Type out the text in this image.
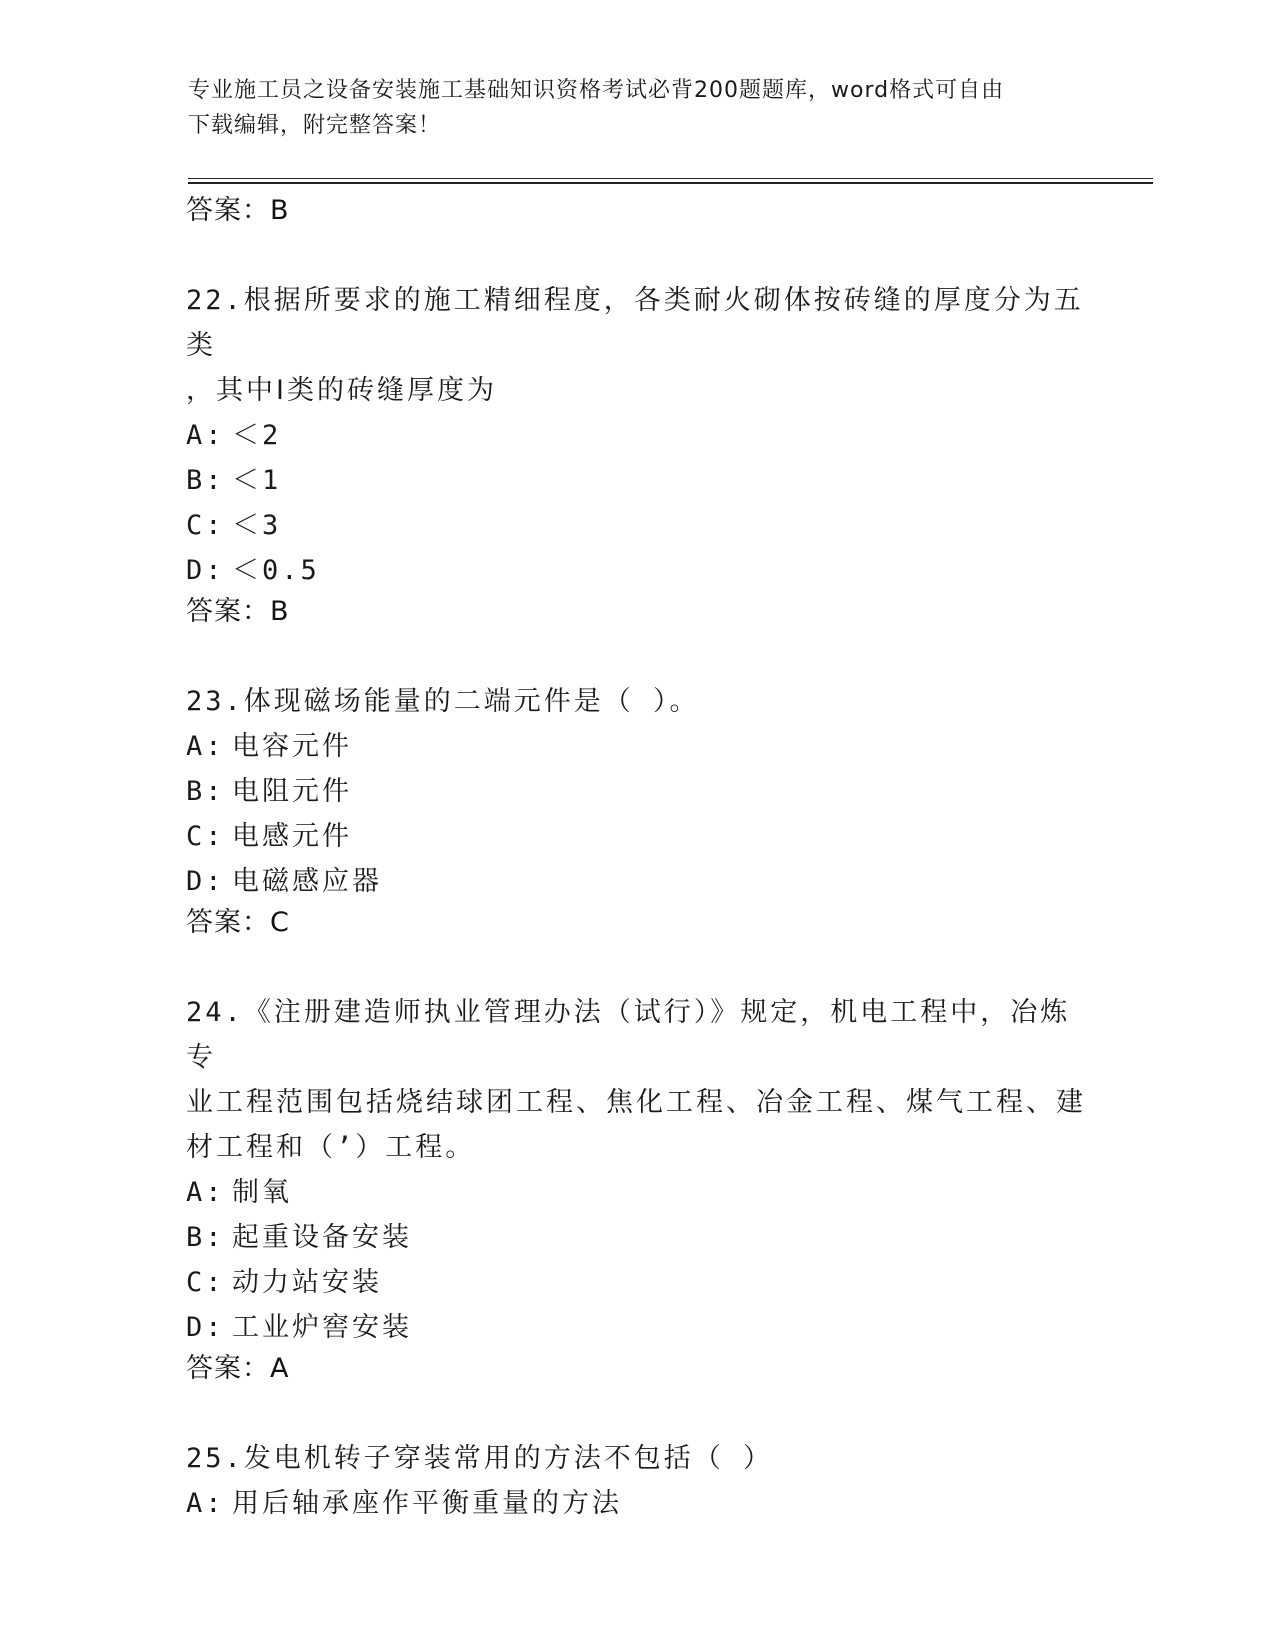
专业施工员之设备安装施工基础知识资格考试必背200题题库，word格式可自由
下载编辑，附完整答案！
答案：B
22.根据所要求的施工精细程度，各类耐火砌体按砖缝的厚度分为五类
，其中Ⅰ类的砖缝厚度为
A: ＜2
B: ＜1
C: ＜3
D: ＜0.5
答案：B
23.体现磁场能量的二端元件是（ ）。
A: 电容元件
B: 电阻元件
C: 电感元件
D: 电磁感应器
答案：C
24.《注册建造师执业管理办法（试行）》规定，机电工程中，冶炼专
业工程范围包括烧结球团工程、焦化工程、冶金工程、煤气工程、建
材工程和（’）工程。
A: 制氧
B: 起重设备安装
C: 动力站安装
D: 工业炉窖安装
答案：A
25.发电机转子穿装常用的方法不包括（ ）
A: 用后轴承座作平衡重量的方法
